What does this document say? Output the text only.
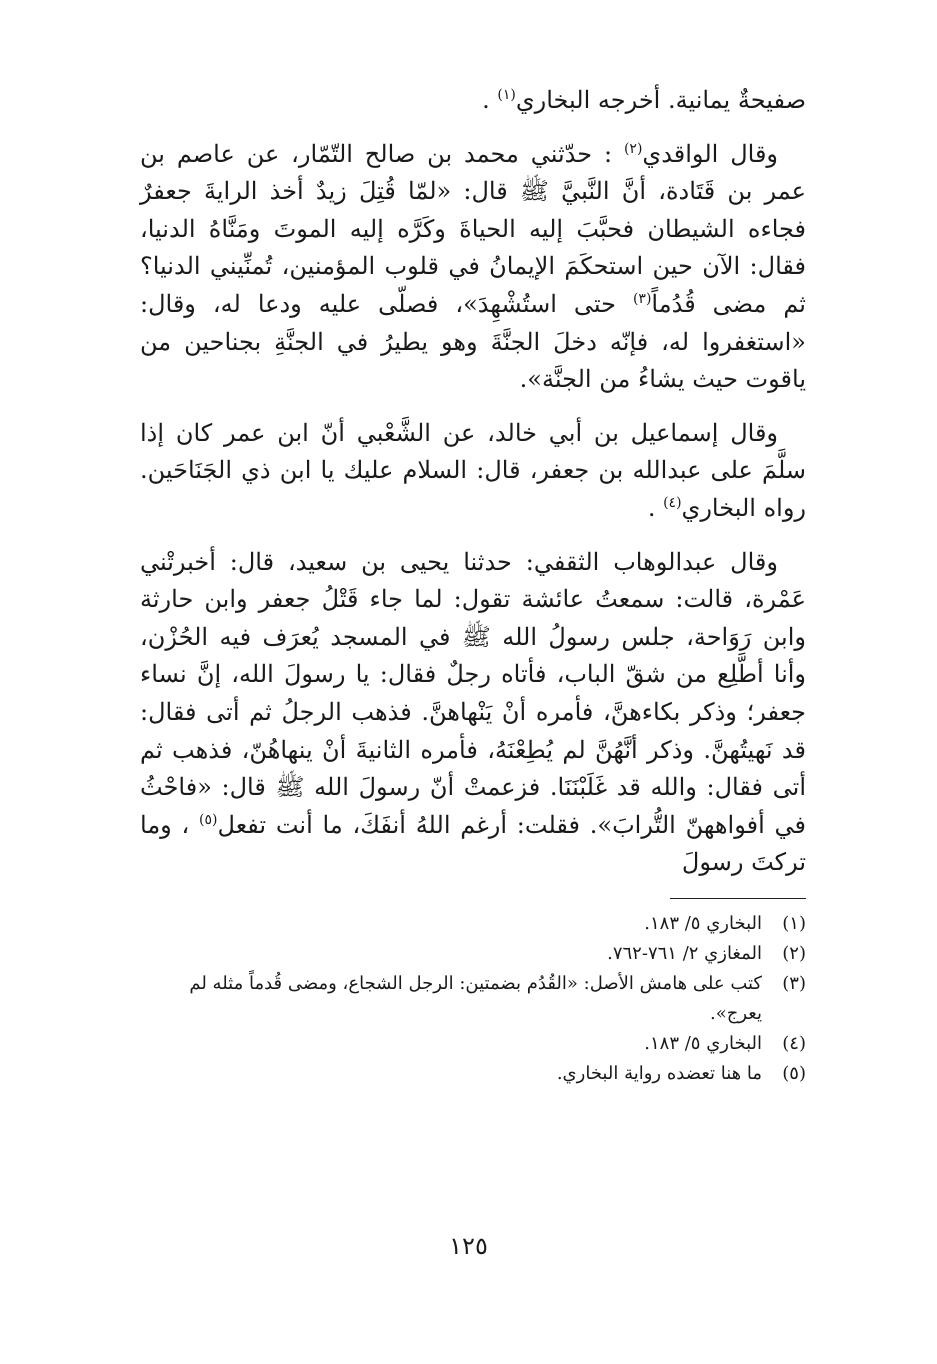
صفيحةٌ يمانية. أخرجه البخاري$^{(١)}$ .
وقال الواقدي$^{(٢)}$ : حدّثني محمد بن صالح التّمّار، عن عاصم بن عمر بن قَتَادة، أنَّ النَّبيَّ ﷺ قال: «لمّا قُتِلَ زيدٌ أخذ الرايةَ جعفرٌ فجاءه الشيطان فحبَّبَ إليه الحياةَ وكَرَّه إليه الموتَ ومَنَّاهُ الدنيا، فقال: الآن حين استحكَمَ الإيمانُ في قلوب المؤمنين، تُمنِّيني الدنيا؟ ثم مضى قُدُماً$^{(٣)}$ حتى استُشْهِدَ»، فصلّى عليه ودعا له، وقال: «استغفروا له، فإنّه دخلَ الجنَّةَ وهو يطيرُ في الجنَّةِ بجناحين من ياقوت حيث يشاءُ من الجنَّة».
وقال إسماعيل بن أبي خالد، عن الشَّعْبي أنّ ابن عمر كان إذا سلَّمَ على عبدالله بن جعفر، قال: السلام عليك يا ابن ذي الجَنَاحَين. رواه البخاري$^{(٤)}$ .
وقال عبدالوهاب الثقفي: حدثنا يحيى بن سعيد، قال: أخبرتْني عَمْرة، قالت: سمعتُ عائشة تقول: لما جاء قَتْلُ جعفر وابن حارثة وابن رَوَاحة، جلس رسولُ الله ﷺ في المسجد يُعرَف فيه الحُزْن، وأنا أطَّلِع من شقّ الباب، فأتاه رجلٌ فقال: يا رسولَ الله، إنَّ نساء جعفر؛ وذكر بكاءهنَّ، فأمره أنْ يَنْهاهنَّ. فذهب الرجلُ ثم أتى فقال: قد نَهيتُهنَّ. وذكر أنَّهُنَّ لم يُطِعْنَهُ، فأمره الثانيةَ أنْ ينهاهُنّ، فذهب ثم أتى فقال: والله قد غَلَبْنَنَا. فزعمتْ أنّ رسولَ الله ﷺ قال: «فاحْثُ في أفواههنّ التُّرابَ». فقلت: أرغم اللهُ أنفَكَ، ما أنت تفعل$^{(٥)}$ ، وما تركتَ رسولَ
(١)
البخاري ٥/ ١٨٣.
(٢)
المغازي ٢/ ٧٦١-٧٦٢.
(٣)
كتب على هامش الأصل: «القُدُم بضمتين: الرجل الشجاع، ومضى قُدماً مثله لم يعرج».
(٤)
البخاري ٥/ ١٨٣.
(٥)
ما هنا تعضده رواية البخاري.
١٢٥
